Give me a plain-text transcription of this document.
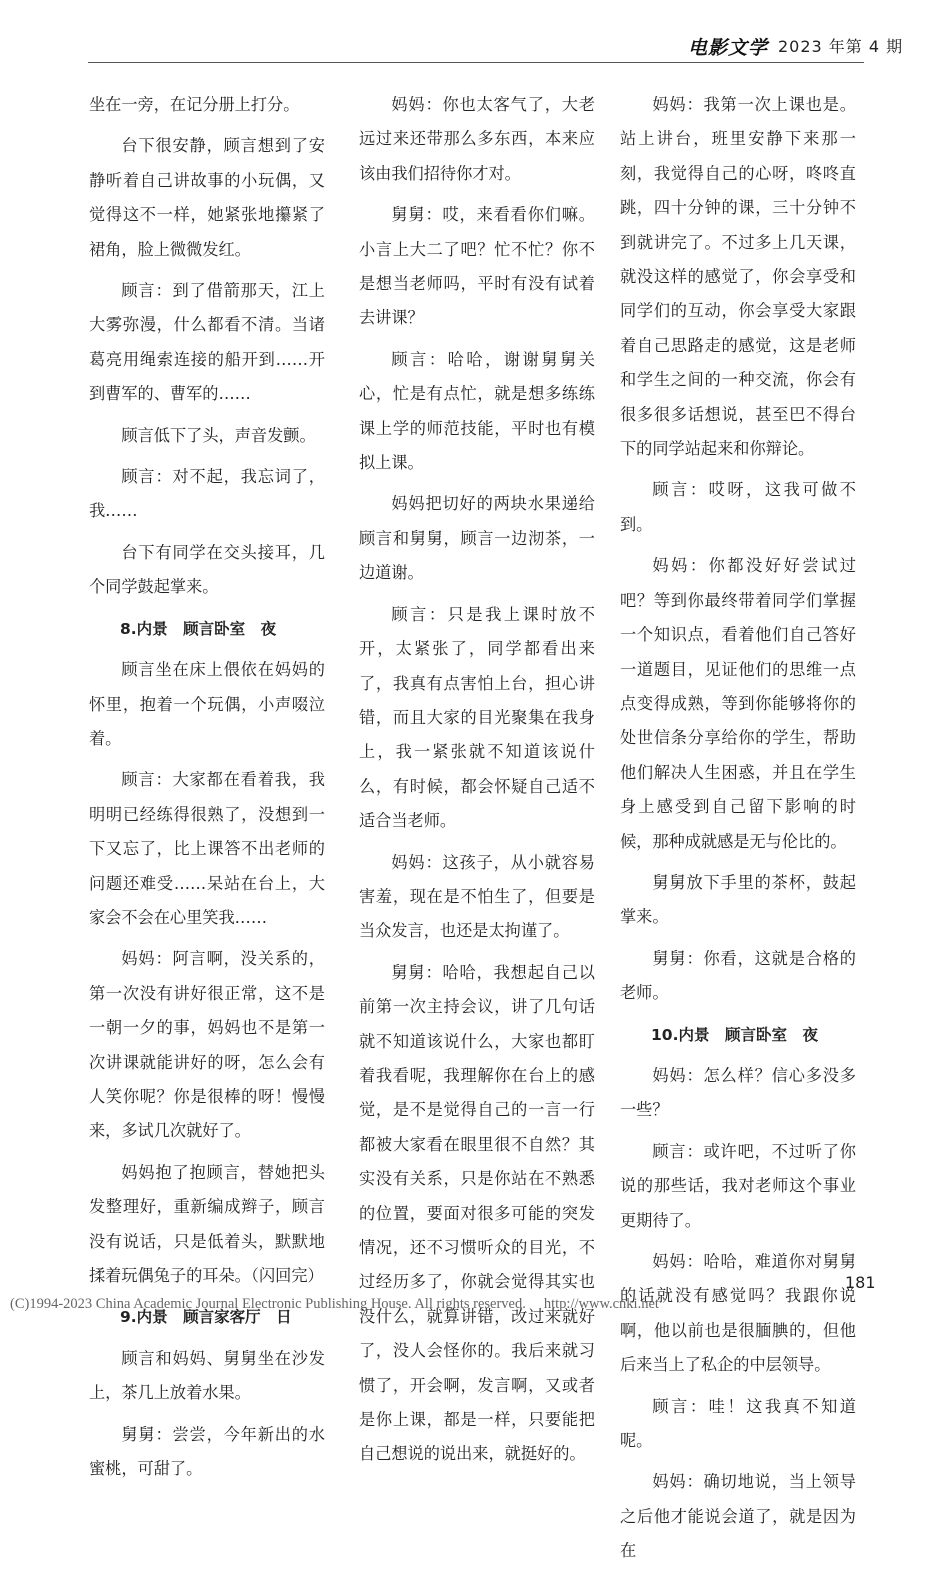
电影文学 2023 年第 4 期

坐在一旁，在记分册上打分。

台下很安静，顾言想到了安静听着自己讲故事的小玩偶，又觉得这不一样，她紧张地攥紧了裙角，脸上微微发红。

顾言：到了借箭那天，江上大雾弥漫，什么都看不清。当诸葛亮用绳索连接的船开到……开到曹军的、曹军的……

顾言低下了头，声音发颤。

顾言：对不起，我忘词了，我……

台下有同学在交头接耳，几个同学鼓起掌来。

8.内景　顾言卧室　夜

顾言坐在床上偎依在妈妈的怀里，抱着一个玩偶，小声啜泣着。

顾言：大家都在看着我，我明明已经练得很熟了，没想到一下又忘了，比上课答不出老师的问题还难受……呆站在台上，大家会不会在心里笑我……

妈妈：阿言啊，没关系的，第一次没有讲好很正常，这不是一朝一夕的事，妈妈也不是第一次讲课就能讲好的呀，怎么会有人笑你呢？你是很棒的呀！慢慢来，多试几次就好了。

妈妈抱了抱顾言，替她把头发整理好，重新编成辫子，顾言没有说话，只是低着头，默默地揉着玩偶兔子的耳朵。（闪回完）

9.内景　顾言家客厅　日

顾言和妈妈、舅舅坐在沙发上，茶几上放着水果。

舅舅：尝尝，今年新出的水蜜桃，可甜了。

妈妈：你也太客气了，大老远过来还带那么多东西，本来应该由我们招待你才对。

舅舅：哎，来看看你们嘛。小言上大二了吧？忙不忙？你不是想当老师吗，平时有没有试着去讲课？

顾言：哈哈，谢谢舅舅关心，忙是有点忙，就是想多练练课上学的师范技能，平时也有模拟上课。

妈妈把切好的两块水果递给顾言和舅舅，顾言一边沏茶，一边道谢。

顾言：只是我上课时放不开，太紧张了，同学都看出来了，我真有点害怕上台，担心讲错，而且大家的目光聚集在我身上，我一紧张就不知道该说什么，有时候，都会怀疑自己适不适合当老师。

妈妈：这孩子，从小就容易害羞，现在是不怕生了，但要是当众发言，也还是太拘谨了。

舅舅：哈哈，我想起自己以前第一次主持会议，讲了几句话就不知道该说什么，大家也都盯着我看呢，我理解你在台上的感觉，是不是觉得自己的一言一行都被大家看在眼里很不自然？其实没有关系，只是你站在不熟悉的位置，要面对很多可能的突发情况，还不习惯听众的目光，不过经历多了，你就会觉得其实也没什么，就算讲错，改过来就好了，没人会怪你的。我后来就习惯了，开会啊，发言啊，又或者是你上课，都是一样，只要能把自己想说的说出来，就挺好的。

妈妈：我第一次上课也是。站上讲台，班里安静下来那一刻，我觉得自己的心呀，咚咚直跳，四十分钟的课，三十分钟不到就讲完了。不过多上几天课，就没这样的感觉了，你会享受和同学们的互动，你会享受大家跟着自己思路走的感觉，这是老师和学生之间的一种交流，你会有很多很多话想说，甚至巴不得台下的同学站起来和你辩论。

顾言：哎呀，这我可做不到。

妈妈：你都没好好尝试过吧？等到你最终带着同学们掌握一个知识点，看着他们自己答好一道题目，见证他们的思维一点点变得成熟，等到你能够将你的处世信条分享给你的学生，帮助他们解决人生困惑，并且在学生身上感受到自己留下影响的时候，那种成就感是无与伦比的。

舅舅放下手里的茶杯，鼓起掌来。

舅舅：你看，这就是合格的老师。

10.内景　顾言卧室　夜

妈妈：怎么样？信心多没多一些？

顾言：或许吧，不过听了你说的那些话，我对老师这个事业更期待了。

妈妈：哈哈，难道你对舅舅的话就没有感觉吗？我跟你说啊，他以前也是很腼腆的，但他后来当上了私企的中层领导。

顾言：哇！这我真不知道呢。

妈妈：确切地说，当上领导之后他才能说会道了，就是因为在

181
(C)1994-2023 China Academic Journal Electronic Publishing House. All rights reserved. http://www.cnki.net
